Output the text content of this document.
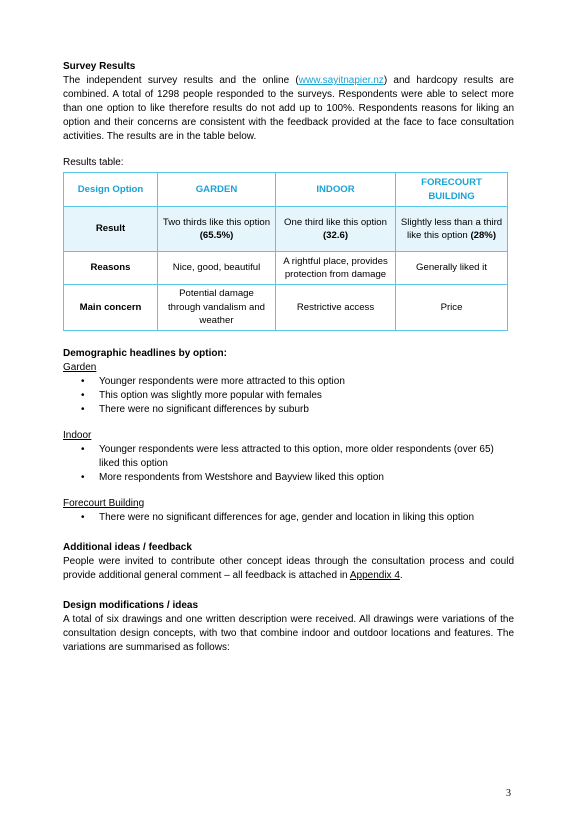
Survey Results

The independent survey results and the online (www.sayitnapier.nz) and hardcopy results are combined. A total of 1298 people responded to the surveys. Respondents were able to select more than one option to like therefore results do not add up to 100%. Respondents reasons for liking an option and their concerns are consistent with the feedback provided at the face to face consultation activities. The results are in the table below.

Results table:

Design Option	GARDEN	INDOOR	FORECOURT BUILDING
Result	Two thirds like this option (65.5%)	One third like this option (32.6)	Slightly less than a third like this option (28%)
Reasons	Nice, good, beautiful	A rightful place, provides protection from damage	Generally liked it
Main concern	Potential damage through vandalism and weather	Restrictive access	Price
Demographic headlines by option:

Garden

• Younger respondents were more attracted to this option
• This option was slightly more popular with females
• There were no significant differences by suburb

Indoor

• Younger respondents were less attracted to this option, more older respondents (over 65) liked this option
• More respondents from Westshore and Bayview liked this option

Forecourt Building

• There were no significant differences for age, gender and location in liking this option
Additional ideas / feedback

People were invited to contribute other concept ideas through the consultation process and could provide additional general comment – all feedback is attached in Appendix 4.

Design modifications / ideas

A total of six drawings and one written description were received. All drawings were variations of the consultation design concepts, with two that combine indoor and outdoor locations and features. The variations are summarised as follows:

3
